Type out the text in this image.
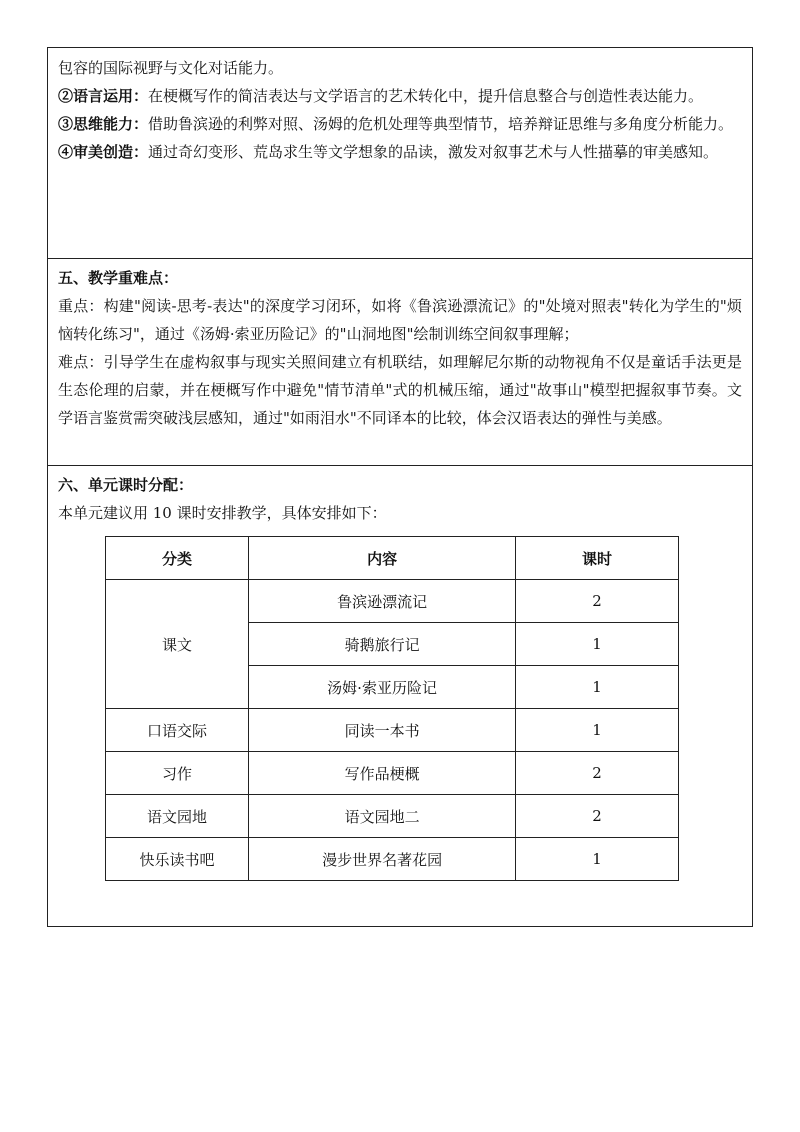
包容的国际视野与文化对话能力。

②语言运用：在梗概写作的简洁表达与文学语言的艺术转化中，提升信息整合与创造性表达能力。

③思维能力：借助鲁滨逊的利弊对照、汤姆的危机处理等典型情节，培养辩证思维与多角度分析能力。

④审美创造：通过奇幻变形、荒岛求生等文学想象的品读，激发对叙事艺术与人性描摹的审美感知。

五、教学重难点：

重点：构建"阅读-思考-表达"的深度学习闭环，如将《鲁滨逊漂流记》的"处境对照表"转化为学生的"烦恼转化练习"，通过《汤姆·索亚历险记》的"山洞地图"绘制训练空间叙事理解；

难点：引导学生在虚构叙事与现实关照间建立有机联结，如理解尼尔斯的动物视角不仅是童话手法更是生态伦理的启蒙，并在梗概写作中避免"情节清单"式的机械压缩，通过"故事山"模型把握叙事节奏。文学语言鉴赏需突破浅层感知，通过"如雨泪水"不同译本的比较，体会汉语表达的弹性与美感。

六、单元课时分配：

本单元建议用 10 课时安排教学，具体安排如下：

分类	内容	课时
课文	鲁滨逊漂流记	2
	骑鹅旅行记	1
	汤姆·索亚历险记	1
口语交际	同读一本书	1
习作	写作品梗概	2
语文园地	语文园地二	2
快乐读书吧	漫步世界名著花园	1
